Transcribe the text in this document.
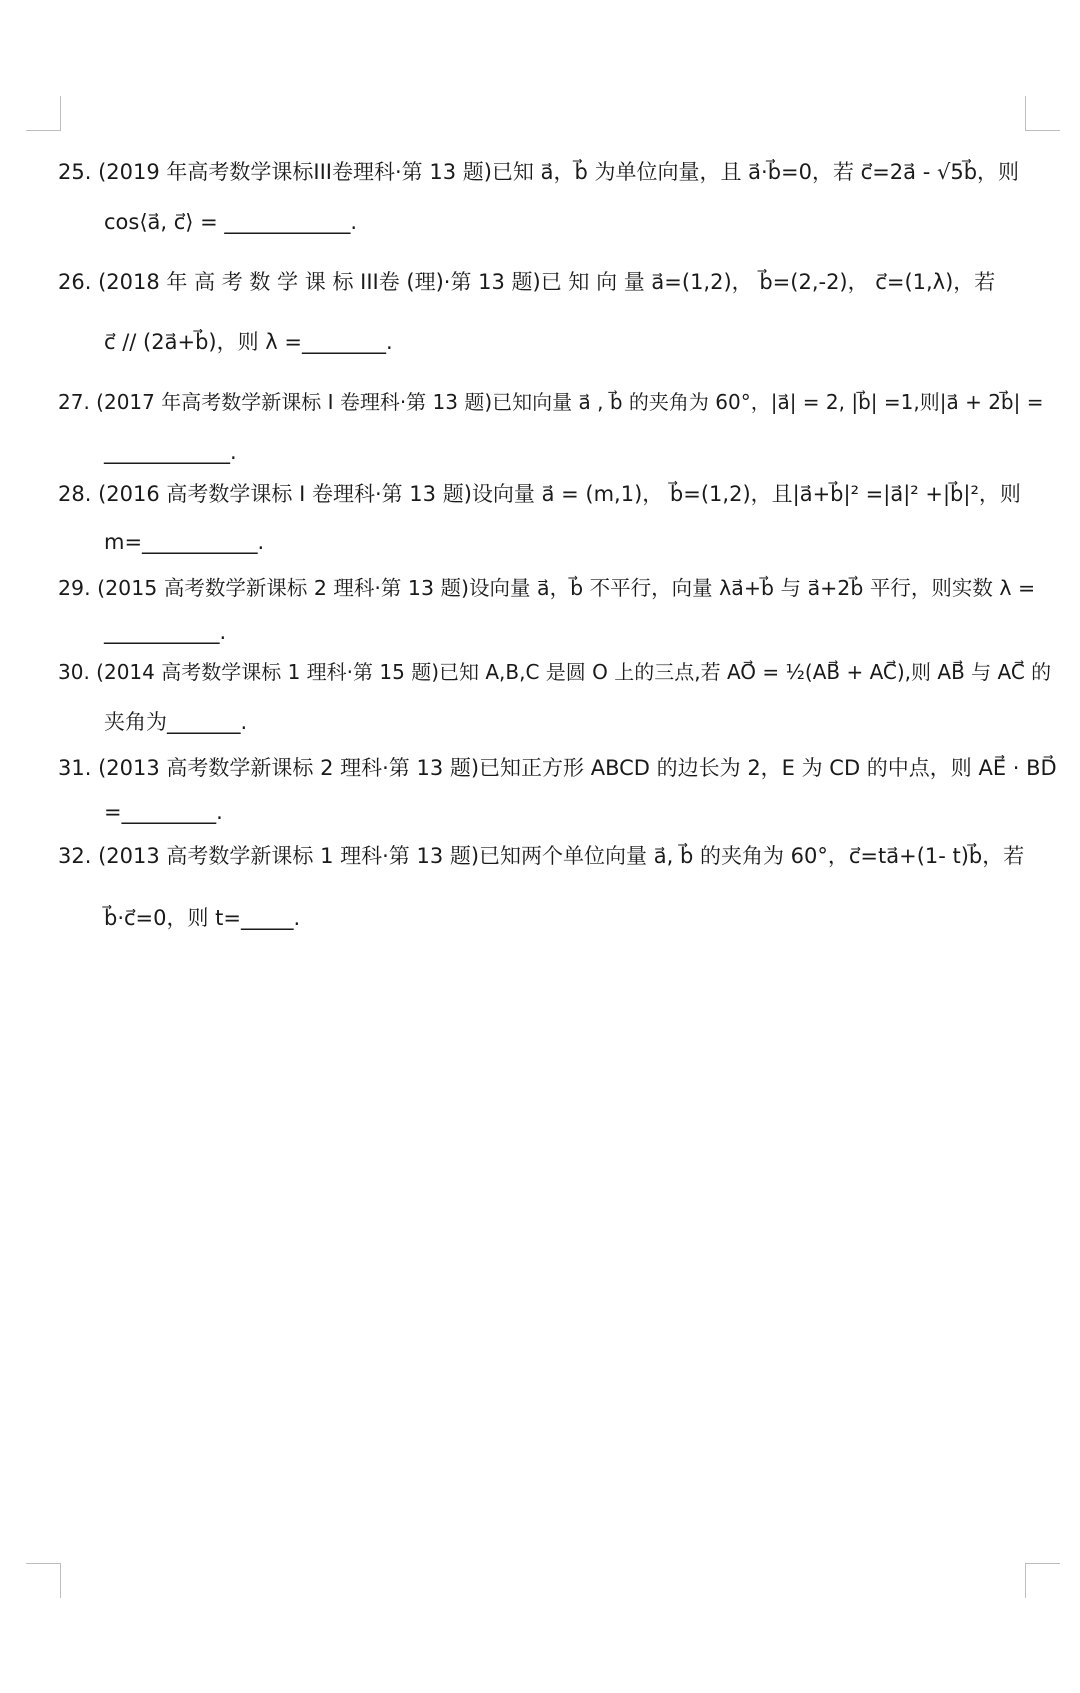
25. (2019 年高考数学课标III卷理科·第 13 题)已知 a⃗，b⃗ 为单位向量，且 a⃗·b⃗=0，若 c⃗=2a⃗ - √5b⃗，则
cos⟨a⃗, c⃗⟩ = ____________.
26. (2018 年 高 考 数 学 课 标 III卷 (理)·第 13 题)已 知 向 量 a⃗=(1,2)， b⃗=(2,-2)， c⃗=(1,λ)，若
c⃗ // (2a⃗+b⃗)，则 λ =________.
27. (2017 年高考数学新课标 I 卷理科·第 13 题)已知向量 a⃗ , b⃗ 的夹角为 60°，|a⃗| = 2, |b⃗| =1,则|a⃗ + 2b⃗| =
____________.
28. (2016 高考数学课标 I 卷理科·第 13 题)设向量 a⃗ = (m,1)， b⃗=(1,2)，且|a⃗+b⃗|² =|a⃗|² +|b⃗|²，则
m=___________.
29. (2015 高考数学新课标 2 理科·第 13 题)设向量 a⃗，b⃗ 不平行，向量 λa⃗+b⃗ 与 a⃗+2b⃗ 平行，则实数 λ =
___________.
30. (2014 高考数学课标 1 理科·第 15 题)已知 A,B,C 是圆 O 上的三点,若 AO⃗ = ½(AB⃗ + AC⃗),则 AB⃗ 与 AC⃗ 的
夹角为_______.
31. (2013 高考数学新课标 2 理科·第 13 题)已知正方形 ABCD 的边长为 2，E 为 CD 的中点，则 AE⃗ · BD⃗
=_________.
32. (2013 高考数学新课标 1 理科·第 13 题)已知两个单位向量 a⃗, b⃗ 的夹角为 60°，c⃗=ta⃗+(1- t)b⃗，若
b⃗·c⃗=0，则 t=_____.
